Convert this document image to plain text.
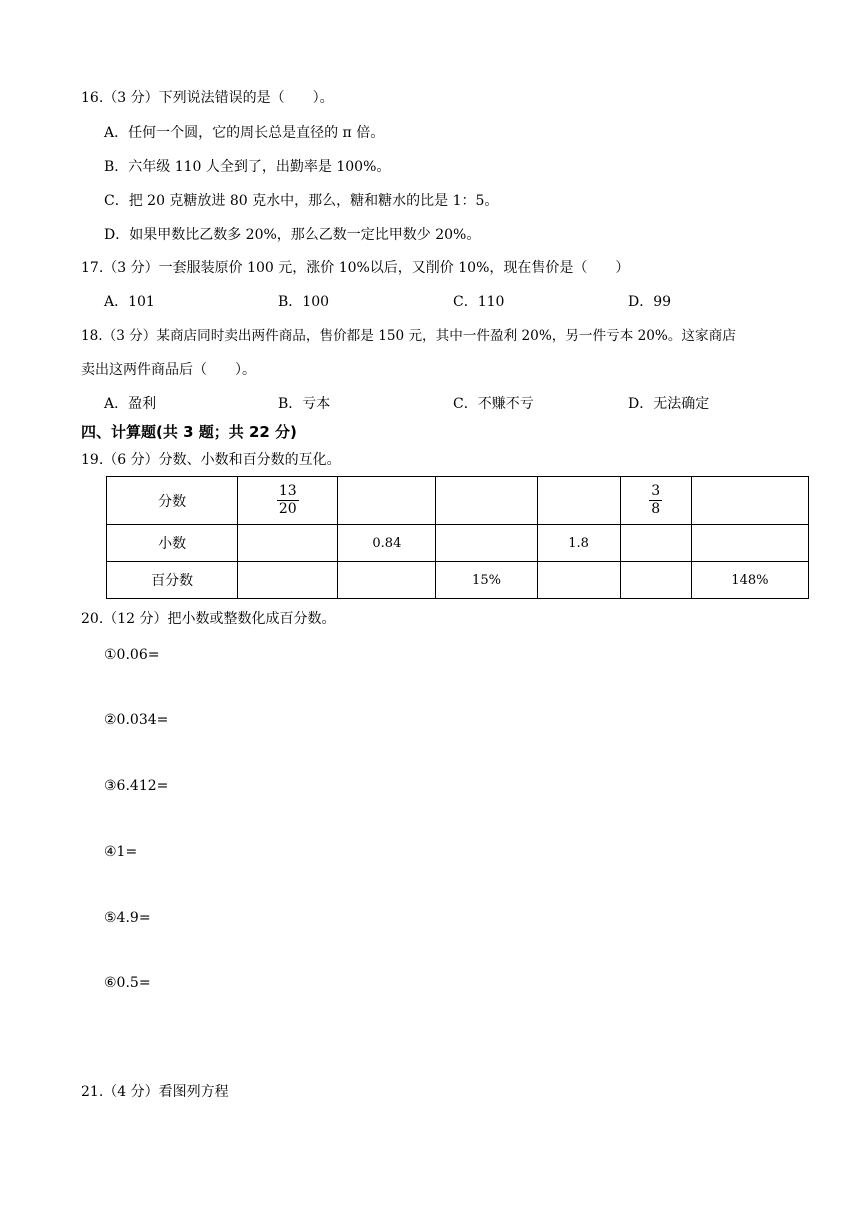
16.（3 分）下列说法错误的是（　　）。
A．任何一个圆，它的周长总是直径的 π 倍。
B．六年级 110 人全到了，出勤率是 100%。
C．把 20 克糖放进 80 克水中，那么，糖和糖水的比是 1：5。
D．如果甲数比乙数多 20%，那么乙数一定比甲数少 20%。
17.（3 分）一套服装原价 100 元，涨价 10%以后，又削价 10%，现在售价是（　　）
A．101	B．100	C．110	D．99
18.（3 分）某商店同时卖出两件商品，售价都是 150 元，其中一件盈利 20%，另一件亏本 20%。这家商店
卖出这两件商品后（　　）。
A．盈利	B．亏本	C．不赚不亏	D．无法确定
四、计算题(共 3 题；共 22 分)
19.（6 分）分数、小数和百分数的互化。
分数	$\frac{13}{20}$				$\frac{3}{8}$

小数		0.84		1.8		
百分数			15%			148%
20.（12 分）把小数或整数化成百分数。
①0.06=
②0.034=
③6.412=
④1=
⑤4.9=
⑥0.5=
21.（4 分）看图列方程
